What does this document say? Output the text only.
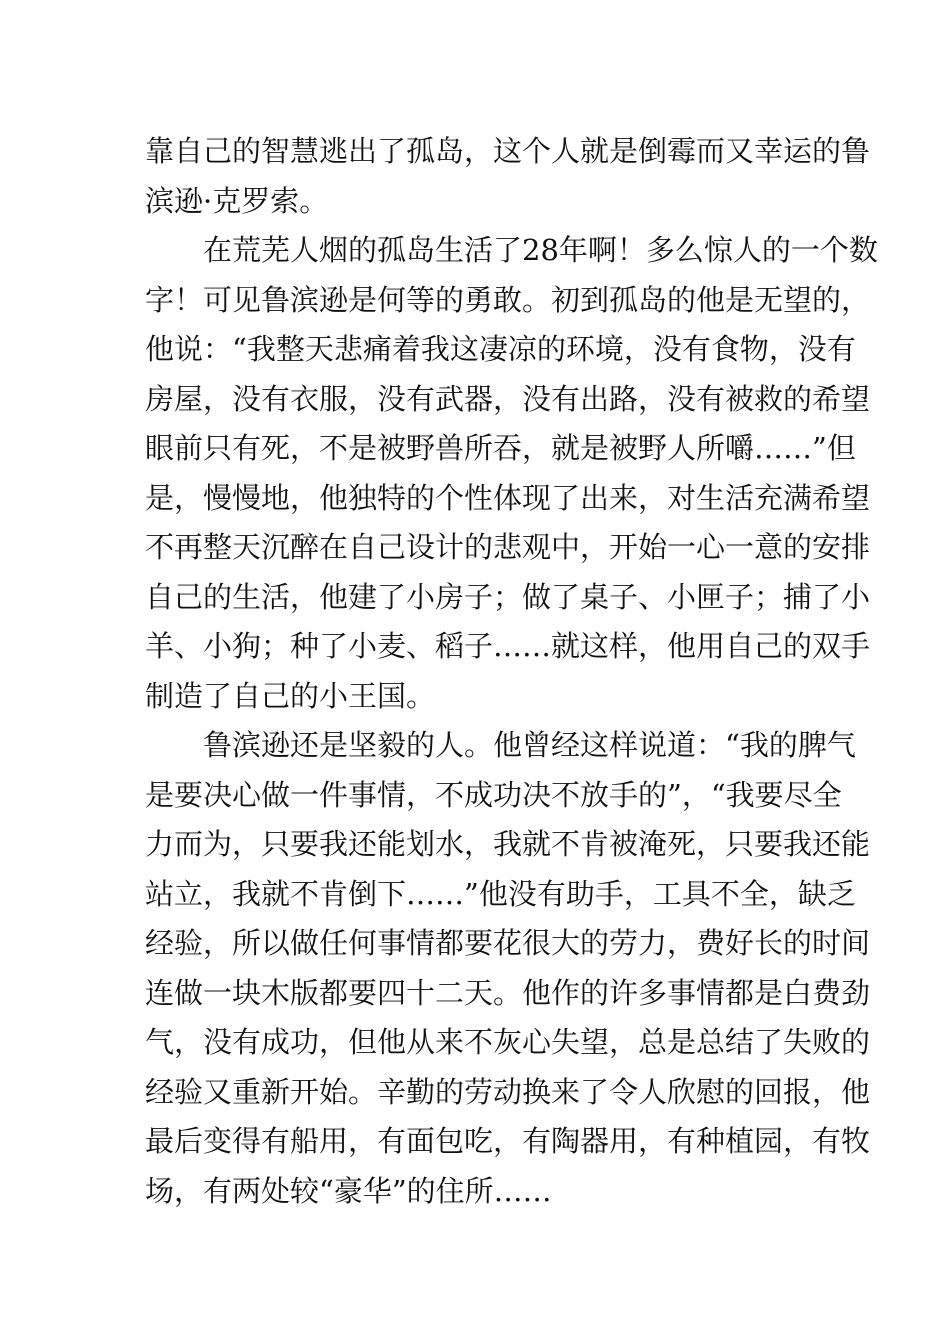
靠自己的智慧逃出了孤岛，这个人就是倒霉而又幸运的鲁
滨逊·克罗索。
　　在荒芜人烟的孤岛生活了28年啊！多么惊人的一个数
字！可见鲁滨逊是何等的勇敢。初到孤岛的他是无望的，
他说：“我整天悲痛着我这凄凉的环境，没有食物，没有
房屋，没有衣服，没有武器，没有出路，没有被救的希望
眼前只有死，不是被野兽所吞，就是被野人所嚼……”但
是，慢慢地，他独特的个性体现了出来，对生活充满希望
不再整天沉醉在自己设计的悲观中，开始一心一意的安排
自己的生活，他建了小房子；做了桌子、小匣子；捕了小
羊、小狗；种了小麦、稻子……就这样，他用自己的双手
制造了自己的小王国。
　　鲁滨逊还是坚毅的人。他曾经这样说道：“我的脾气
是要决心做一件事情，不成功决不放手的”，“我要尽全
力而为，只要我还能划水，我就不肯被淹死，只要我还能
站立，我就不肯倒下……”他没有助手，工具不全，缺乏
经验，所以做任何事情都要花很大的劳力，费好长的时间
连做一块木版都要四十二天。他作的许多事情都是白费劲
气，没有成功，但他从来不灰心失望，总是总结了失败的
经验又重新开始。辛勤的劳动换来了令人欣慰的回报，他
最后变得有船用，有面包吃，有陶器用，有种植园，有牧
场，有两处较“豪华”的住所……
